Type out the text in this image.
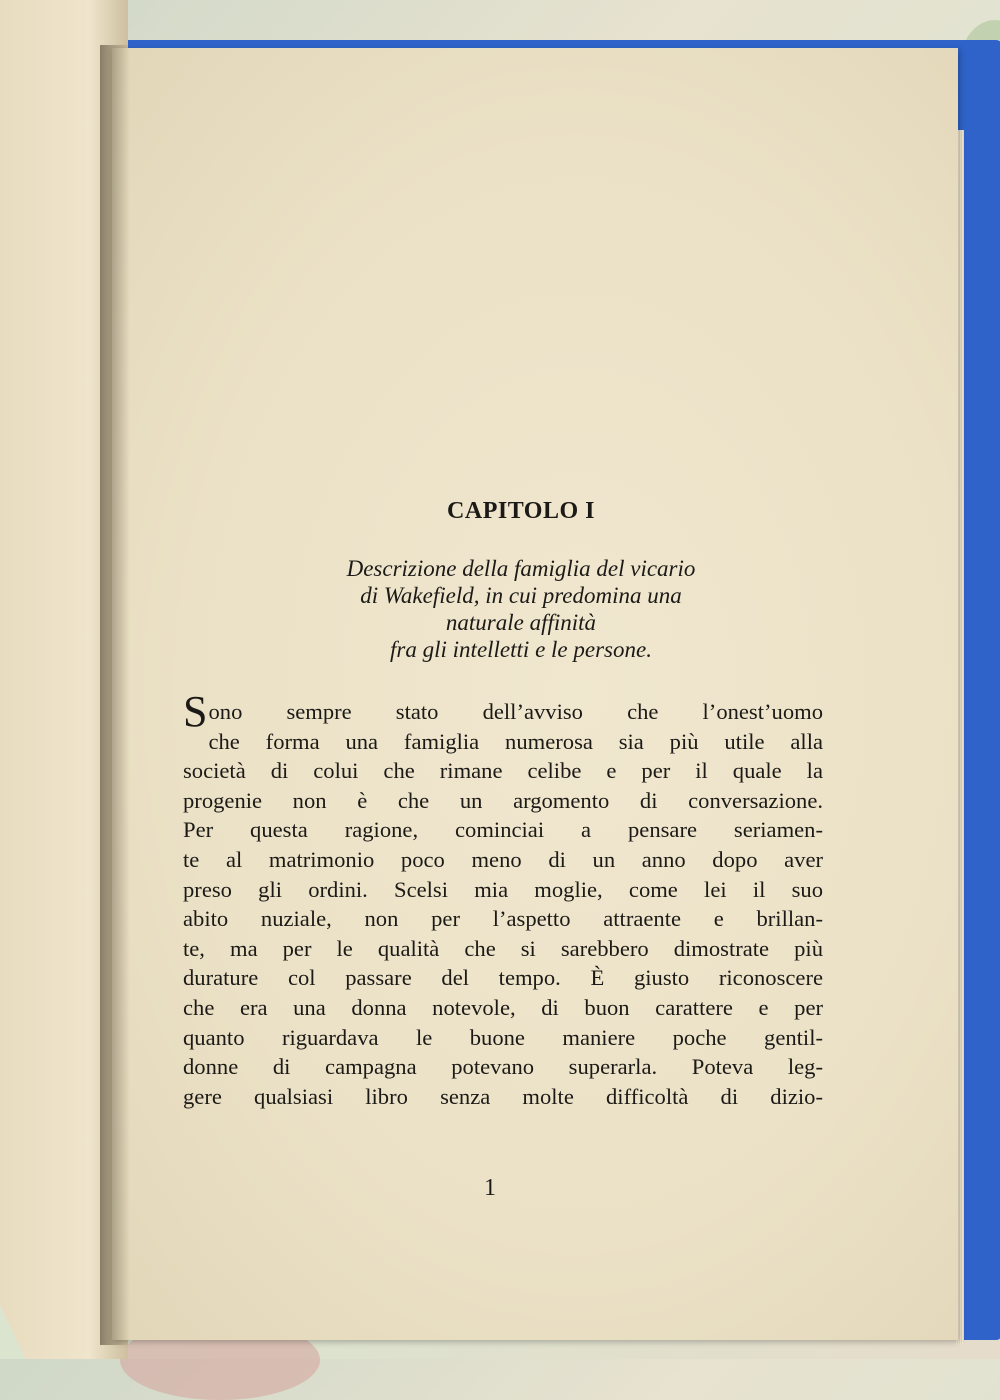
CAPITOLO I

Descrizione della famiglia del vicario
di Wakefield, in cui predomina una
naturale affinità
fra gli intelletti e le persone.

Sono sempre stato dell’avviso che l’onest’uomo
che forma una famiglia numerosa sia più utile alla
società di colui che rimane celibe e per il quale la
progenie non è che un argomento di conversazione.
Per questa ragione, cominciai a pensare seriamen-
te al matrimonio poco meno di un anno dopo aver
preso gli ordini. Scelsi mia moglie, come lei il suo
abito nuziale, non per l’aspetto attraente e brillan-
te, ma per le qualità che si sarebbero dimostrate più
durature col passare del tempo. È giusto riconoscere
che era una donna notevole, di buon carattere e per
quanto riguardava le buone maniere poche gentil-
donne di campagna potevano superarla. Poteva leg-
gere qualsiasi libro senza molte difficoltà di dizio-
1
